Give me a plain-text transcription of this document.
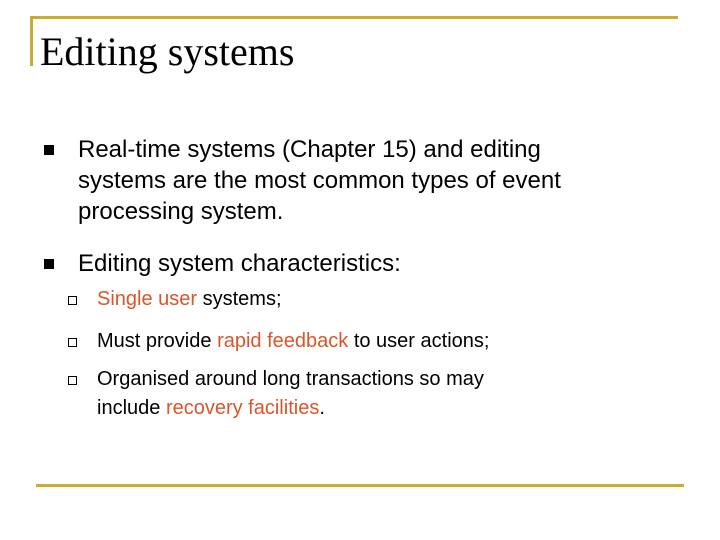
Editing systems
Real-time systems (Chapter 15) and editing
systems are the most common types of event
processing system.
Editing system characteristics:
Single user systems;
Must provide rapid feedback to user actions;
Organised around long transactions so may
include recovery facilities.
